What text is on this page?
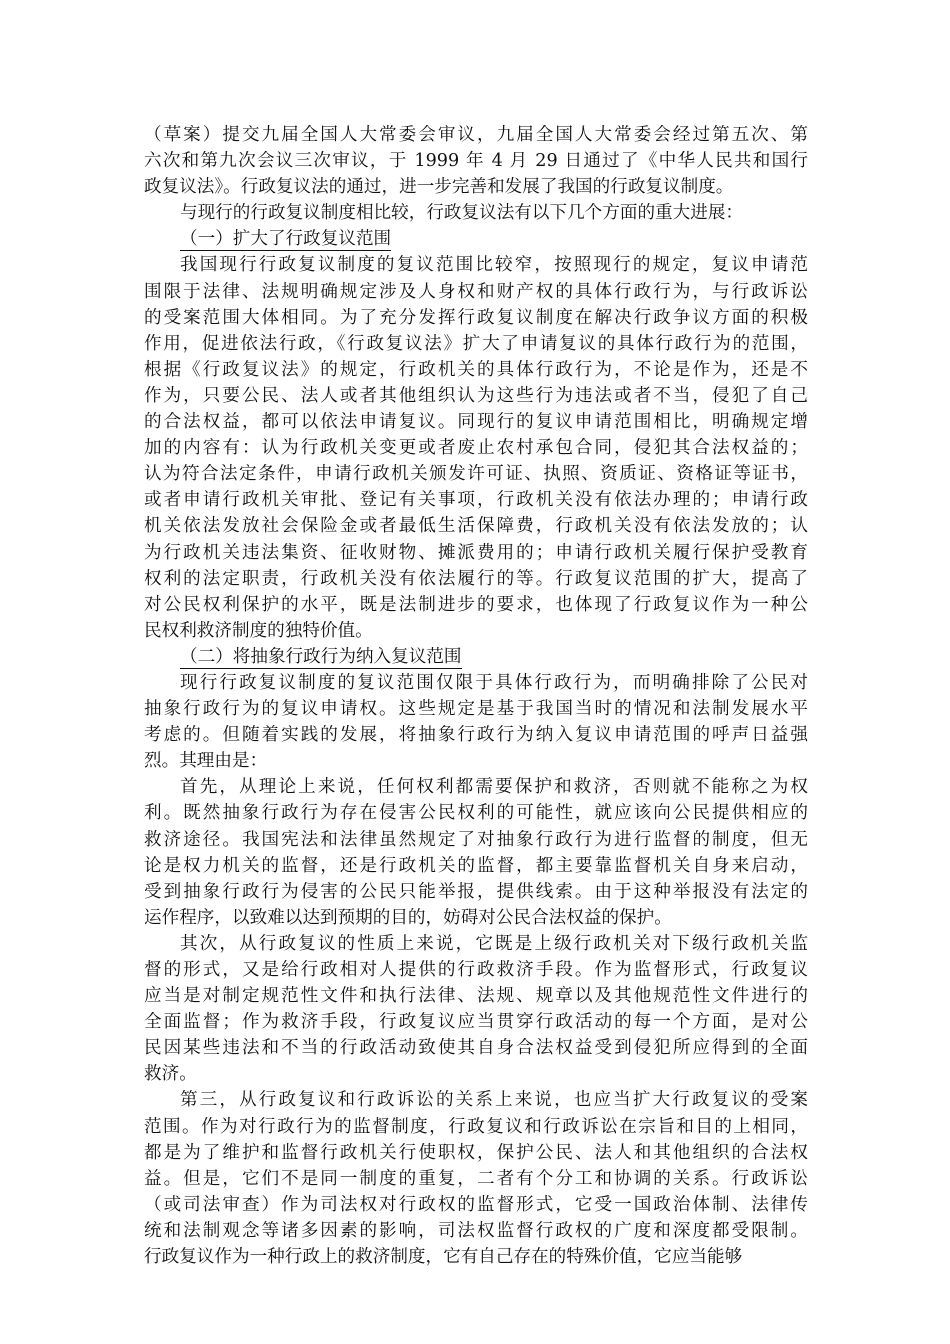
（草案）提交九届全国人大常委会审议，九届全国人大常委会经过第五次、第
六次和第九次会议三次审议，于 1999 年 4 月 29 日通过了《中华人民共和国行
政复议法》。行政复议法的通过，进一步完善和发展了我国的行政复议制度。
与现行的行政复议制度相比较，行政复议法有以下几个方面的重大进展：
（一）扩大了行政复议范围
我国现行行政复议制度的复议范围比较窄，按照现行的规定，复议申请范
围限于法律、法规明确规定涉及人身权和财产权的具体行政行为，与行政诉讼
的受案范围大体相同。为了充分发挥行政复议制度在解决行政争议方面的积极
作用，促进依法行政，《行政复议法》扩大了申请复议的具体行政行为的范围，
根据《行政复议法》的规定，行政机关的具体行政行为，不论是作为，还是不
作为，只要公民、法人或者其他组织认为这些行为违法或者不当，侵犯了自己
的合法权益，都可以依法申请复议。同现行的复议申请范围相比，明确规定增
加的内容有：认为行政机关变更或者废止农村承包合同，侵犯其合法权益的；
认为符合法定条件，申请行政机关颁发许可证、执照、资质证、资格证等证书，
或者申请行政机关审批、登记有关事项，行政机关没有依法办理的；申请行政
机关依法发放社会保险金或者最低生活保障费，行政机关没有依法发放的；认
为行政机关违法集资、征收财物、摊派费用的；申请行政机关履行保护受教育
权利的法定职责，行政机关没有依法履行的等。行政复议范围的扩大，提高了
对公民权利保护的水平，既是法制进步的要求，也体现了行政复议作为一种公
民权利救济制度的独特价值。
（二）将抽象行政行为纳入复议范围
现行行政复议制度的复议范围仅限于具体行政行为，而明确排除了公民对
抽象行政行为的复议申请权。这些规定是基于我国当时的情况和法制发展水平
考虑的。但随着实践的发展，将抽象行政行为纳入复议申请范围的呼声日益强
烈。其理由是：
首先，从理论上来说，任何权利都需要保护和救济，否则就不能称之为权
利。既然抽象行政行为存在侵害公民权利的可能性，就应该向公民提供相应的
救济途径。我国宪法和法律虽然规定了对抽象行政行为进行监督的制度，但无
论是权力机关的监督，还是行政机关的监督，都主要靠监督机关自身来启动，
受到抽象行政行为侵害的公民只能举报，提供线索。由于这种举报没有法定的
运作程序，以致难以达到预期的目的，妨碍对公民合法权益的保护。
其次，从行政复议的性质上来说，它既是上级行政机关对下级行政机关监
督的形式，又是给行政相对人提供的行政救济手段。作为监督形式，行政复议
应当是对制定规范性文件和执行法律、法规、规章以及其他规范性文件进行的
全面监督；作为救济手段，行政复议应当贯穿行政活动的每一个方面，是对公
民因某些违法和不当的行政活动致使其自身合法权益受到侵犯所应得到的全面
救济。
第三，从行政复议和行政诉讼的关系上来说，也应当扩大行政复议的受案
范围。作为对行政行为的监督制度，行政复议和行政诉讼在宗旨和目的上相同，
都是为了维护和监督行政机关行使职权，保护公民、法人和其他组织的合法权
益。但是，它们不是同一制度的重复，二者有个分工和协调的关系。行政诉讼
（或司法审查）作为司法权对行政权的监督形式，它受一国政治体制、法律传
统和法制观念等诸多因素的影响，司法权监督行政权的广度和深度都受限制。
行政复议作为一种行政上的救济制度，它有自己存在的特殊价值，它应当能够
